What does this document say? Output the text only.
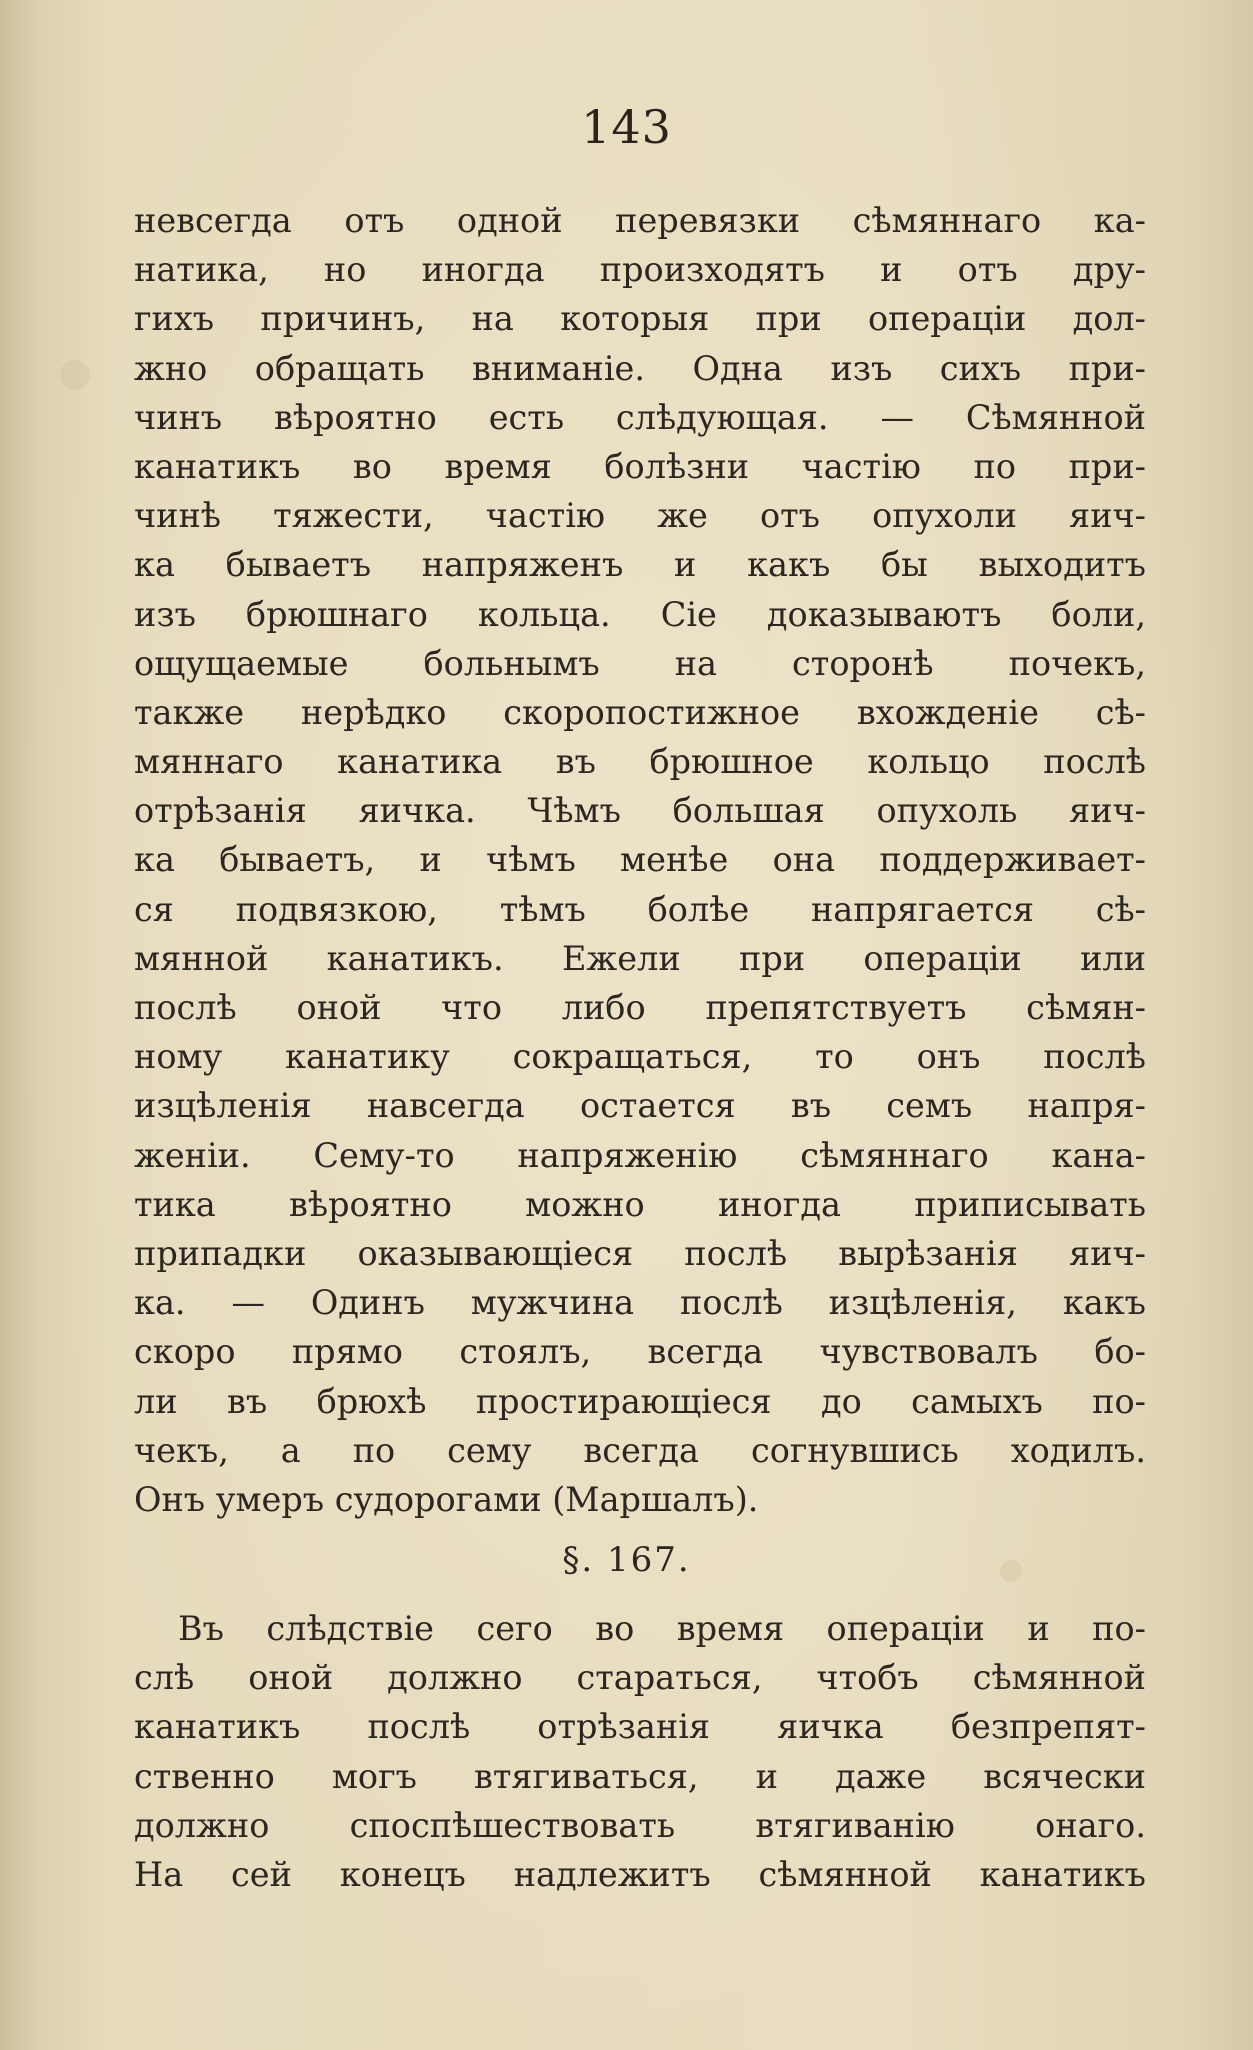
143
невсегда отъ одной перевязки сѣмяннаго ка-
натика, но иногда произходятъ и отъ дру-
гихъ причинъ, на которыя при операціи дол-
жно обращать вниманіе. Одна изъ сихъ при-
чинъ вѣроятно есть слѣдующая. — Сѣмянной
канатикъ во время болѣзни частію по при-
чинѣ тяжести, частію же отъ опухоли яич-
ка бываетъ напряженъ и какъ бы выходитъ
изъ брюшнаго кольца. Сіе доказываютъ боли,
ощущаемые больнымъ на сторонѣ почекъ,
также нерѣдко скоропостижное вхожденіе сѣ-
мяннаго канатика въ брюшное кольцо послѣ
отрѣзанія яичка. Чѣмъ большая опухоль яич-
ка бываетъ, и чѣмъ менѣе она поддерживает-
ся подвязкою, тѣмъ болѣе напрягается сѣ-
мянной канатикъ. Ежели при операціи или
послѣ оной что либо препятствуетъ сѣмян-
ному канатику сокращаться, то онъ послѣ
изцѣленія навсегда остается въ семъ напря-
женіи. Сему-то напряженію сѣмяннаго кана-
тика вѣроятно можно иногда приписывать
припадки оказывающіеся послѣ вырѣзанія яич-
ка. — Одинъ мужчина послѣ изцѣленія, какъ
скоро прямо стоялъ, всегда чувствовалъ бо-
ли въ брюхѣ простирающіеся до самыхъ по-
чекъ, а по сему всегда согнувшись ходилъ.
Онъ умеръ судорогами (Маршалъ).
§. 167.
Въ слѣдствіе сего во время операціи и по-
слѣ оной должно стараться, чтобъ сѣмянной
канатикъ послѣ отрѣзанія яичка безпрепят-
ственно могъ втягиваться, и даже всячески
должно споспѣшествовать втягиванію онаго.
На сей конецъ надлежитъ сѣмянной канатикъ
